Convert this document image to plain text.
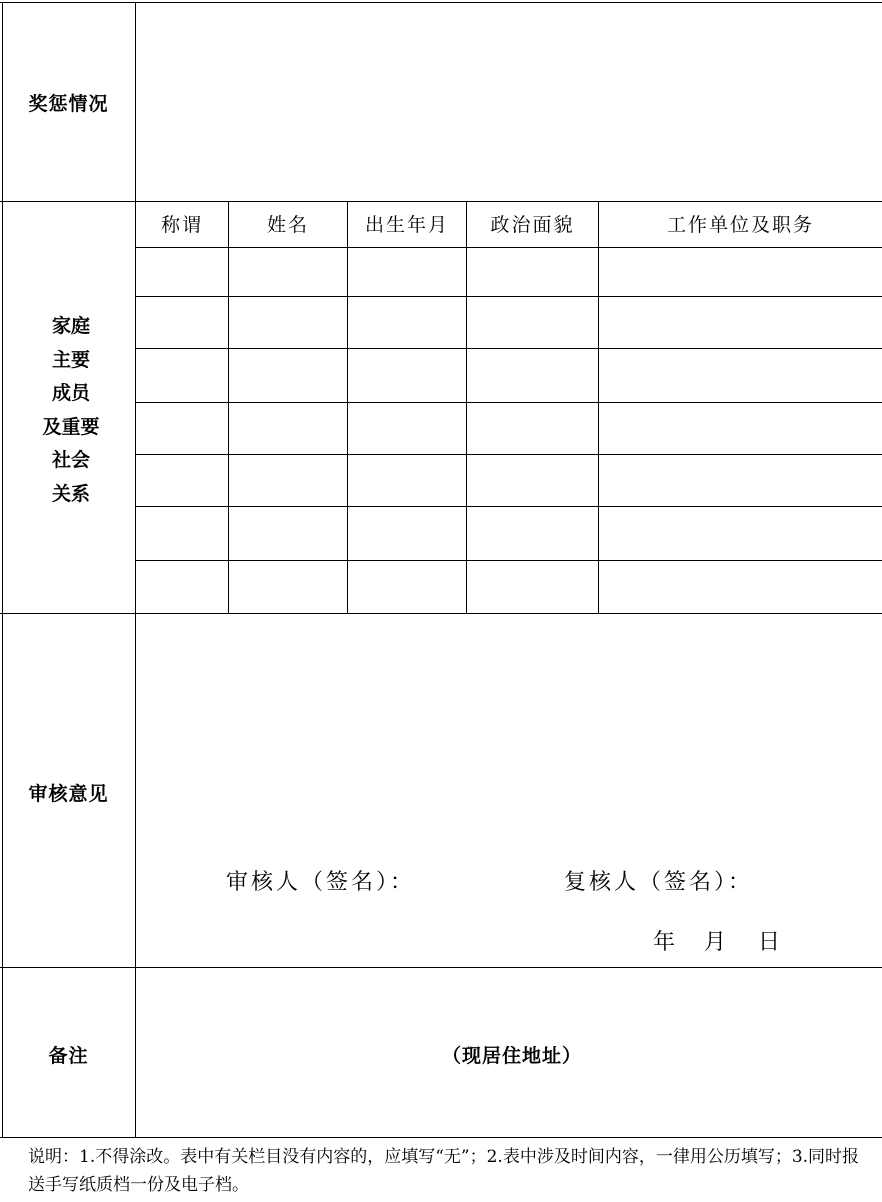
奖惩情况
家庭
主要
成员
及重要
社会
关系
称谓	姓名	出生年月	政治面貌	工作单位及职务
审核意见
审核人（签名）：	复核人（签名）：
年 月 日
备注	（现居住地址）
说明：1.不得涂改。表中有关栏目没有内容的，应填写“无”；2.表中涉及时间内容，一律用公历填写；3.同时报送手写纸质档一份及电子档。
